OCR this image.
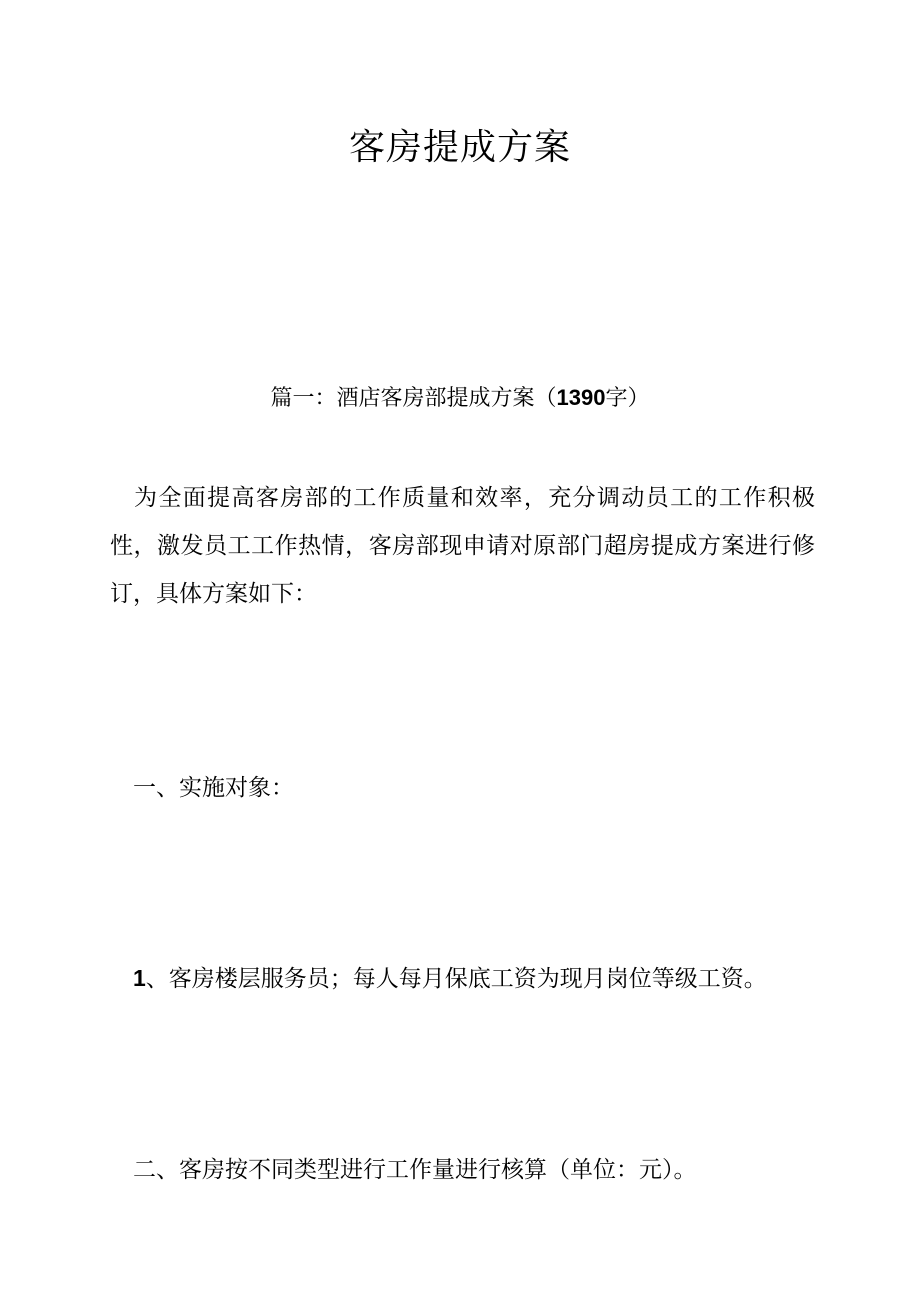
客房提成方案
篇一：酒店客房部提成方案（1390字）

为全面提高客房部的工作质量和效率，充分调动员工的工作积极性，激发员工工作热情，客房部现申请对原部门超房提成方案进行修订，具体方案如下：

一、实施对象：
1、客房楼层服务员；每人每月保底工资为现月岗位等级工资。
二、客房按不同类型进行工作量进行核算（单位：元）。
